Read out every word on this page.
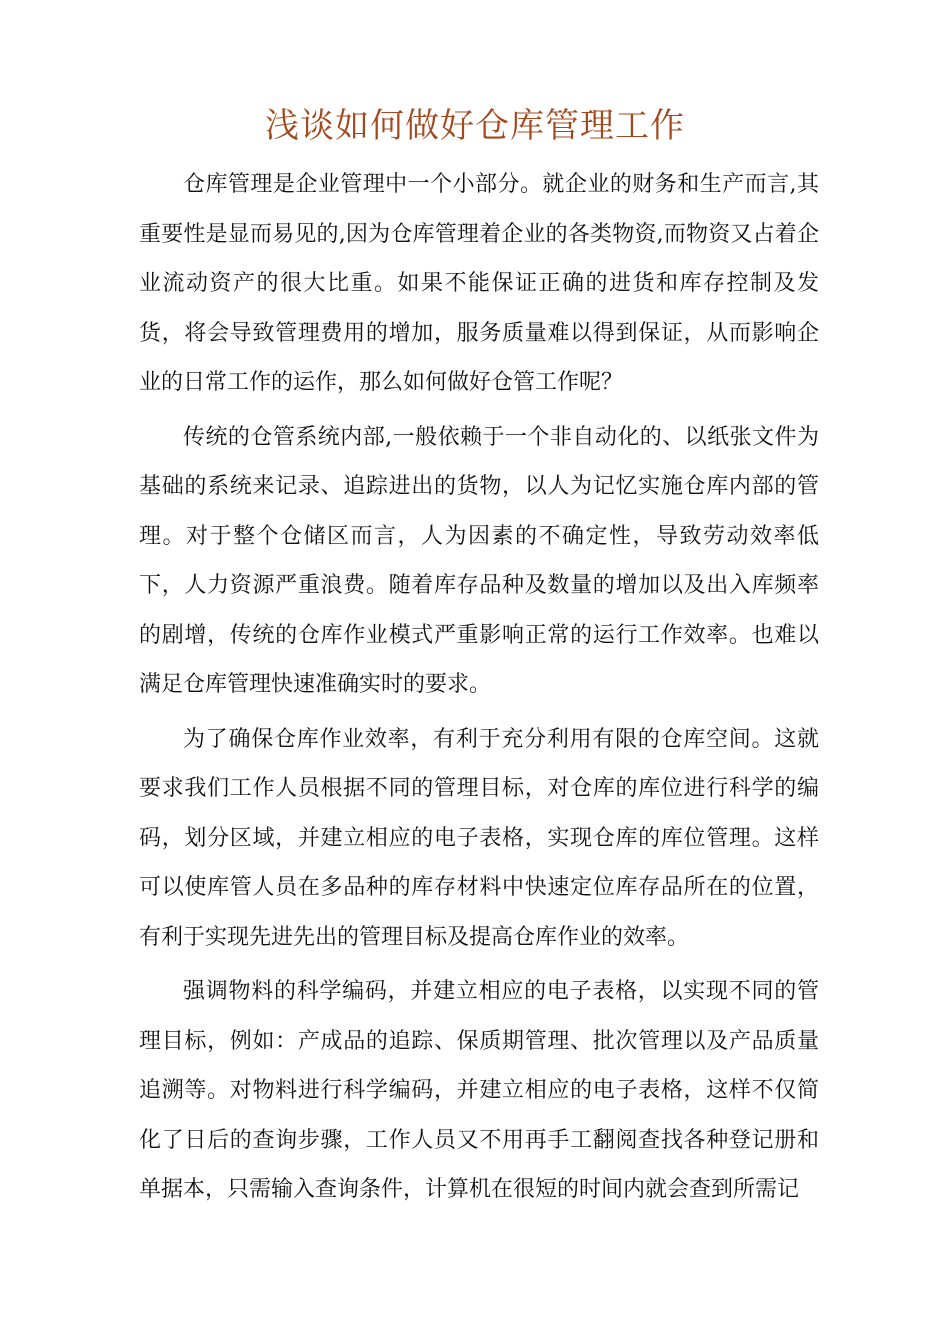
浅谈如何做好仓库管理工作

仓库管理是企业管理中一个小部分。就企业的财务和生产而言,其重要性是显而易见的,因为仓库管理着企业的各类物资,而物资又占着企业流动资产的很大比重。如果不能保证正确的进货和库存控制及发货，将会导致管理费用的增加，服务质量难以得到保证，从而影响企业的日常工作的运作，那么如何做好仓管工作呢？

传统的仓管系统内部,一般依赖于一个非自动化的、以纸张文件为基础的系统来记录、追踪进出的货物，以人为记忆实施仓库内部的管理。对于整个仓储区而言，人为因素的不确定性，导致劳动效率低下，人力资源严重浪费。随着库存品种及数量的增加以及出入库频率的剧增，传统的仓库作业模式严重影响正常的运行工作效率。也难以满足仓库管理快速准确实时的要求。

为了确保仓库作业效率，有利于充分利用有限的仓库空间。这就要求我们工作人员根据不同的管理目标，对仓库的库位进行科学的编码，划分区域，并建立相应的电子表格，实现仓库的库位管理。这样可以使库管人员在多品种的库存材料中快速定位库存品所在的位置，有利于实现先进先出的管理目标及提高仓库作业的效率。

强调物料的科学编码，并建立相应的电子表格，以实现不同的管理目标，例如：产成品的追踪、保质期管理、批次管理以及产品质量追溯等。对物料进行科学编码，并建立相应的电子表格，这样不仅简化了日后的查询步骤，工作人员又不用再手工翻阅查找各种登记册和单据本，只需输入查询条件，计算机在很短的时间内就会查到所需记
